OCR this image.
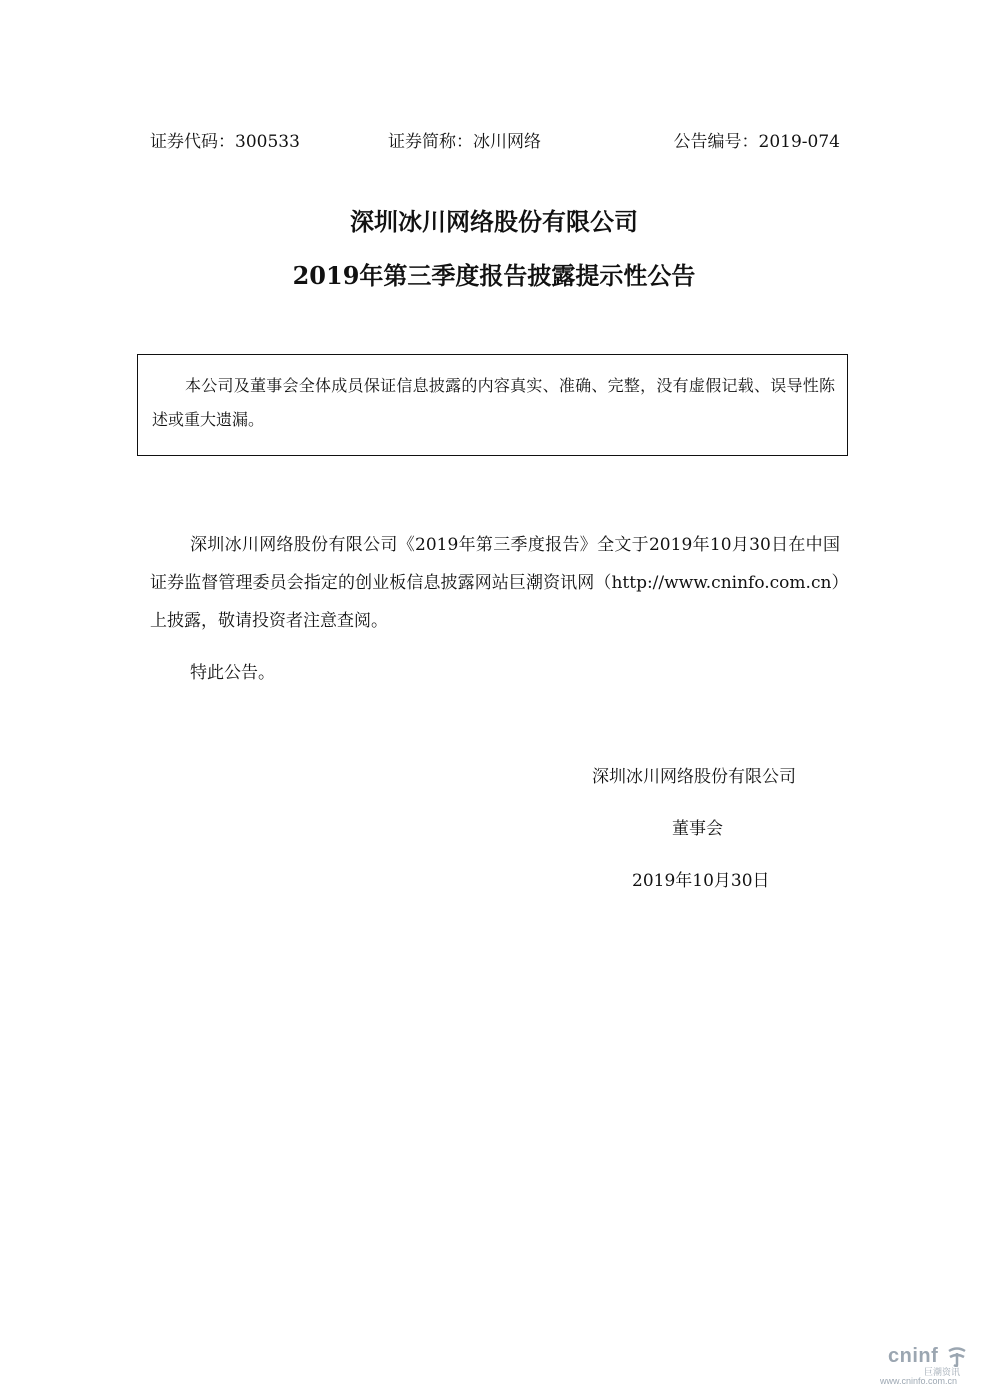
证券代码：300533	证券简称：冰川网络	公告编号：2019-074
深圳冰川网络股份有限公司
2019年第三季度报告披露提示性公告
本公司及董事会全体成员保证信息披露的内容真实、准确、完整，没有虚假记载、误导性陈述或重大遗漏。
深圳冰川网络股份有限公司《2019年第三季度报告》全文于2019年10月30日在中国证券监督管理委员会指定的创业板信息披露网站巨潮资讯网（http://www.cninfo.com.cn）上披露，敬请投资者注意查阅。
特此公告。
深圳冰川网络股份有限公司
董事会
2019年10月30日
cninf
巨潮资讯
www.cninfo.com.cn
